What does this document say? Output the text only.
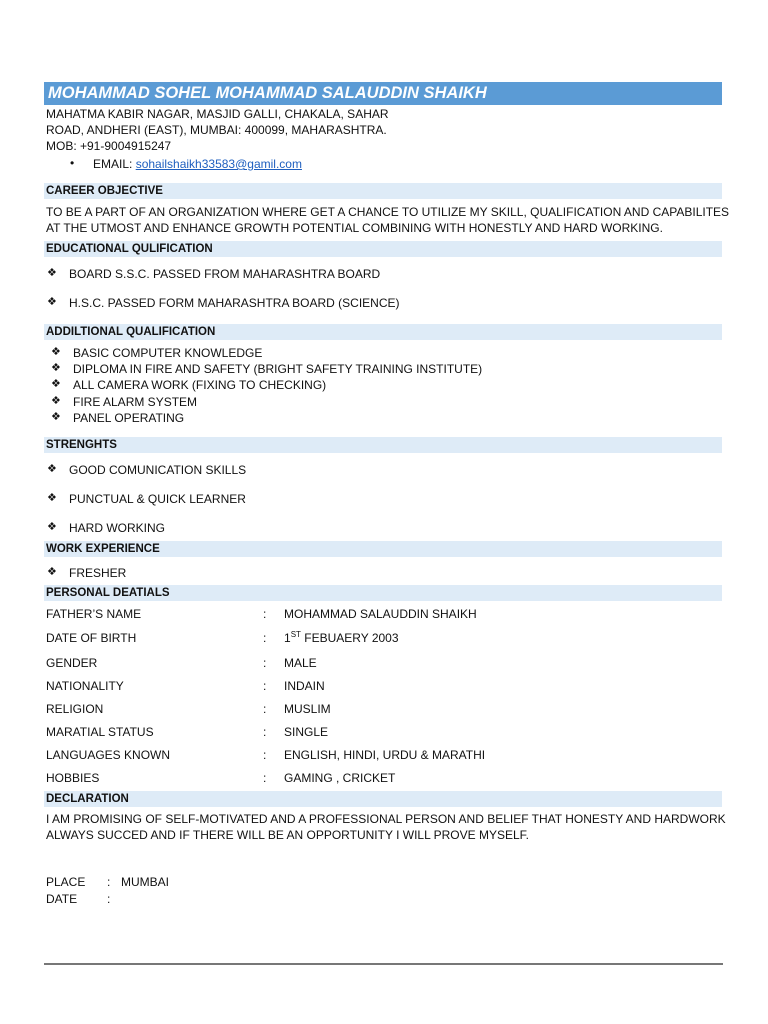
MOHAMMAD SOHEL MOHAMMAD SALAUDDIN SHAIKH
MAHATMA KABIR NAGAR, MASJID GALLI, CHAKALA, SAHAR
ROAD, ANDHERI (EAST), MUMBAI: 400099, MAHARASHTRA.
MOB: +91-9004915247
• EMAIL: sohailshaikh33583@gamil.com
CAREER OBJECTIVE
TO BE A PART OF AN ORGANIZATION WHERE GET A CHANCE TO UTILIZE MY SKILL, QUALIFICATION AND CAPABILITES
AT THE UTMOST AND ENHANCE GROWTH POTENTIAL COMBINING WITH HONESTLY AND HARD WORKING.
EDUCATIONAL QULIFICATION
❖ BOARD S.S.C. PASSED FROM MAHARASHTRA BOARD
❖ H.S.C. PASSED FORM MAHARASHTRA BOARD (SCIENCE)
ADDILTIONAL QUALIFICATION
❖ BASIC COMPUTER KNOWLEDGE
❖ DIPLOMA IN FIRE AND SAFETY (BRIGHT SAFETY TRAINING INSTITUTE)
❖ ALL CAMERA WORK (FIXING TO CHECKING)
❖ FIRE ALARM SYSTEM
❖ PANEL OPERATING
STRENGHTS
❖ GOOD COMUNICATION SKILLS
❖ PUNCTUAL & QUICK LEARNER
❖ HARD WORKING
WORK EXPERIENCE
❖ FRESHER
PERSONAL DEATIALS
FATHER’S NAME	: MOHAMMAD SALAUDDIN SHAIKH
DATE OF BIRTH	: 1ST FEBUAERY 2003
GENDER	: MALE
NATIONALITY	: INDAIN
RELIGION	: MUSLIM
MARATIAL STATUS	: SINGLE
LANGUAGES KNOWN	: ENGLISH, HINDI, URDU & MARATHI
HOBBIES	: GAMING , CRICKET
DECLARATION
I AM PROMISING OF SELF-MOTIVATED AND A PROFESSIONAL PERSON AND BELIEF THAT HONESTY AND HARDWORK
ALWAYS SUCCED AND IF THERE WILL BE AN OPPORTUNITY I WILL PROVE MYSELF.
PLACE : MUMBAI
DATE :
